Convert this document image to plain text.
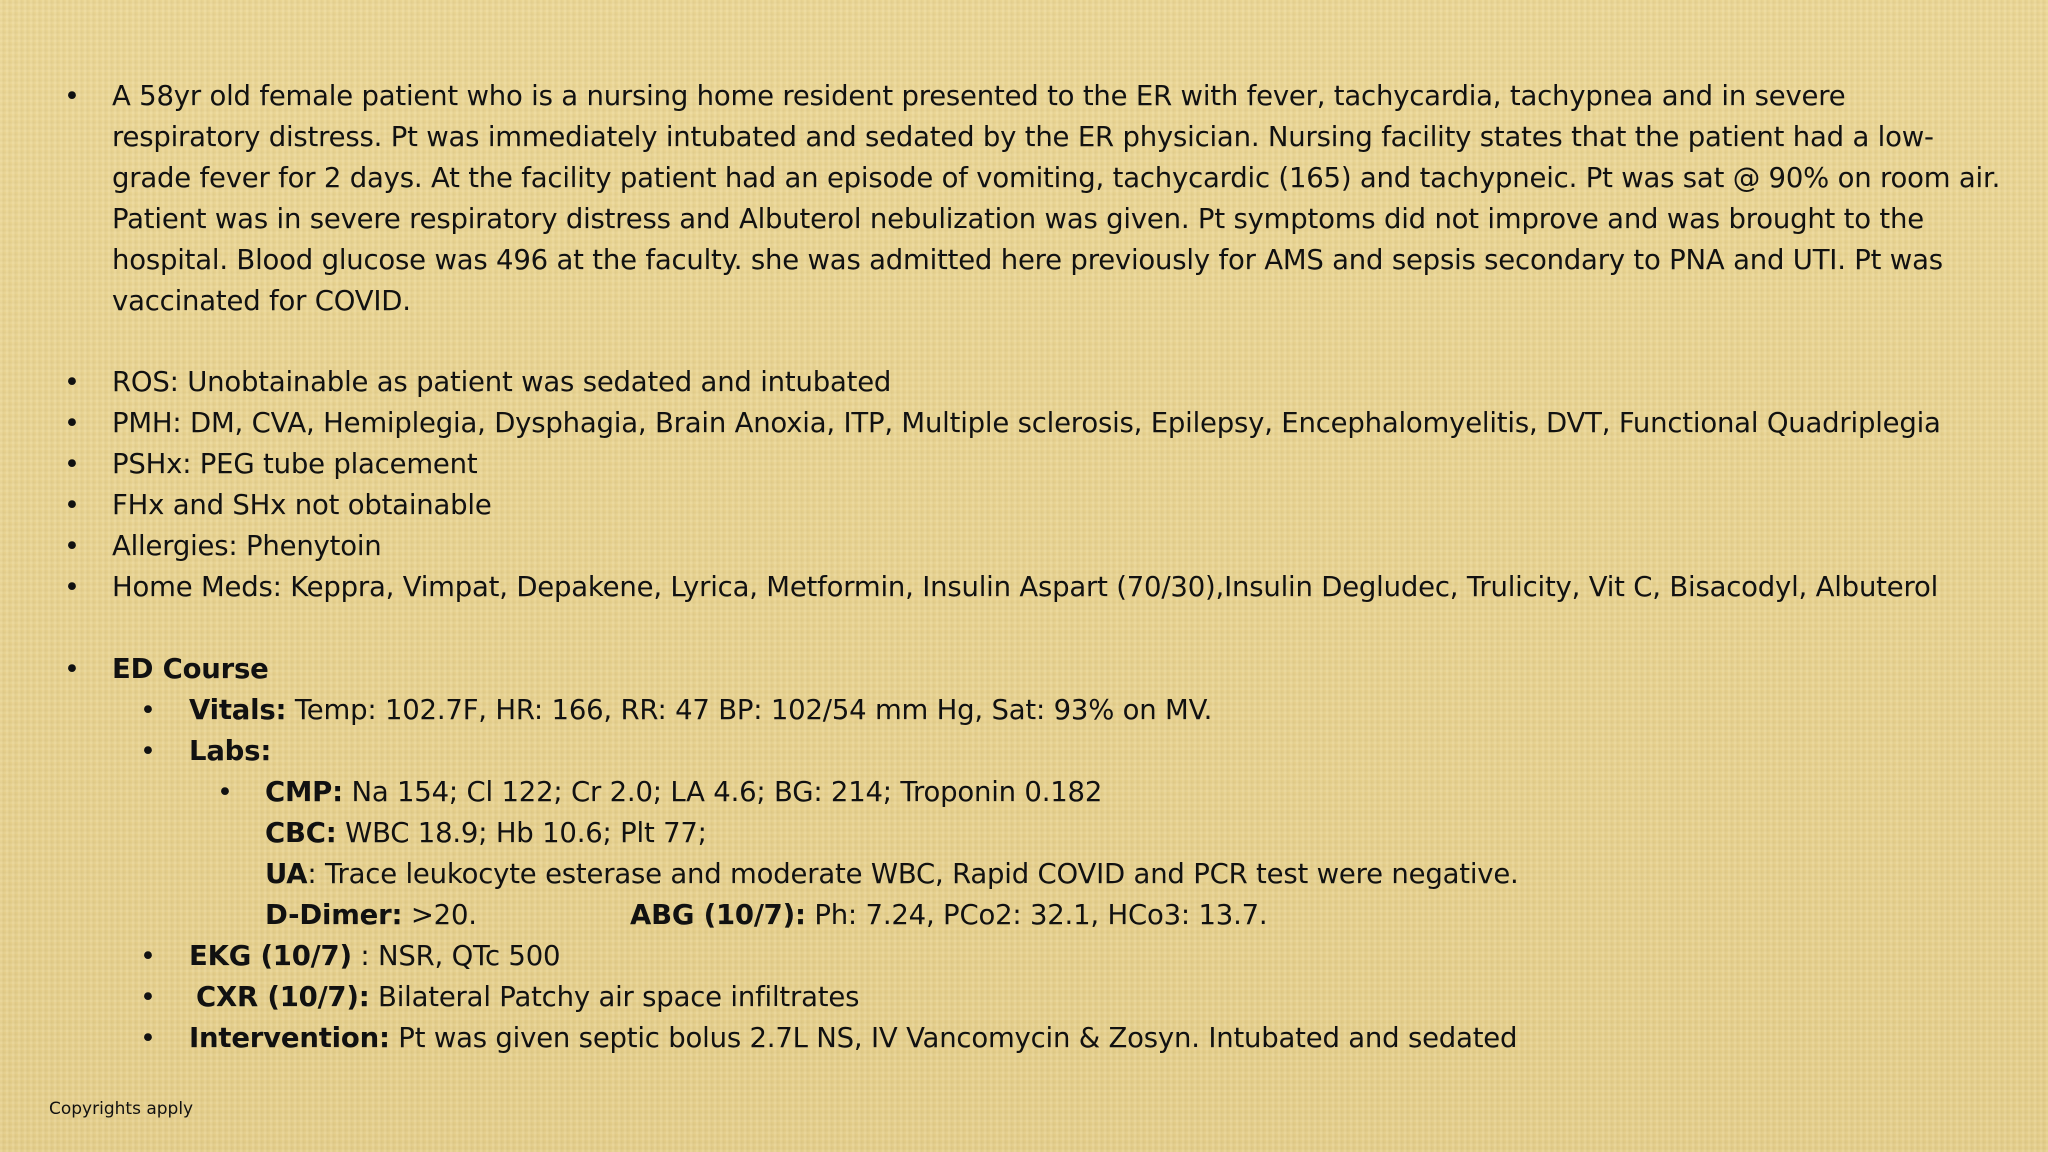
• A 58yr old female patient who is a nursing home resident presented to the ER with fever, tachycardia, tachypnea and in severe
respiratory distress. Pt was immediately intubated and sedated by the ER physician. Nursing facility states that the patient had a low-
grade fever for 2 days. At the facility patient had an episode of vomiting, tachycardic (165) and tachypneic. Pt was sat @ 90% on room air.
Patient was in severe respiratory distress and Albuterol nebulization was given. Pt symptoms did not improve and was brought to the
hospital. Blood glucose was 496 at the faculty. she was admitted here previously for AMS and sepsis secondary to PNA and UTI. Pt was
vaccinated for COVID.
• ROS: Unobtainable as patient was sedated and intubated
• PMH: DM, CVA, Hemiplegia, Dysphagia, Brain Anoxia, ITP, Multiple sclerosis, Epilepsy, Encephalomyelitis, DVT, Functional Quadriplegia
• PSHx: PEG tube placement
• FHx and SHx not obtainable
• Allergies: Phenytoin
• Home Meds: Keppra, Vimpat, Depakene, Lyrica, Metformin, Insulin Aspart (70/30),Insulin Degludec, Trulicity, Vit C, Bisacodyl, Albuterol
• ED Course
• Vitals: Temp: 102.7F, HR: 166, RR: 47 BP: 102/54 mm Hg, Sat: 93% on MV.
• Labs:
• CMP: Na 154; Cl 122; Cr 2.0; LA 4.6; BG: 214; Troponin 0.182
CBC: WBC 18.9; Hb 10.6; Plt 77;
UA: Trace leukocyte esterase and moderate WBC, Rapid COVID and PCR test were negative.
D-Dimer: >20.	ABG (10/7): Ph: 7.24, PCo2: 32.1, HCo3: 13.7.
• EKG (10/7) : NSR, QTc 500
• CXR (10/7): Bilateral Patchy air space infiltrates
• Intervention: Pt was given septic bolus 2.7L NS, IV Vancomycin & Zosyn. Intubated and sedated
Copyrights apply
